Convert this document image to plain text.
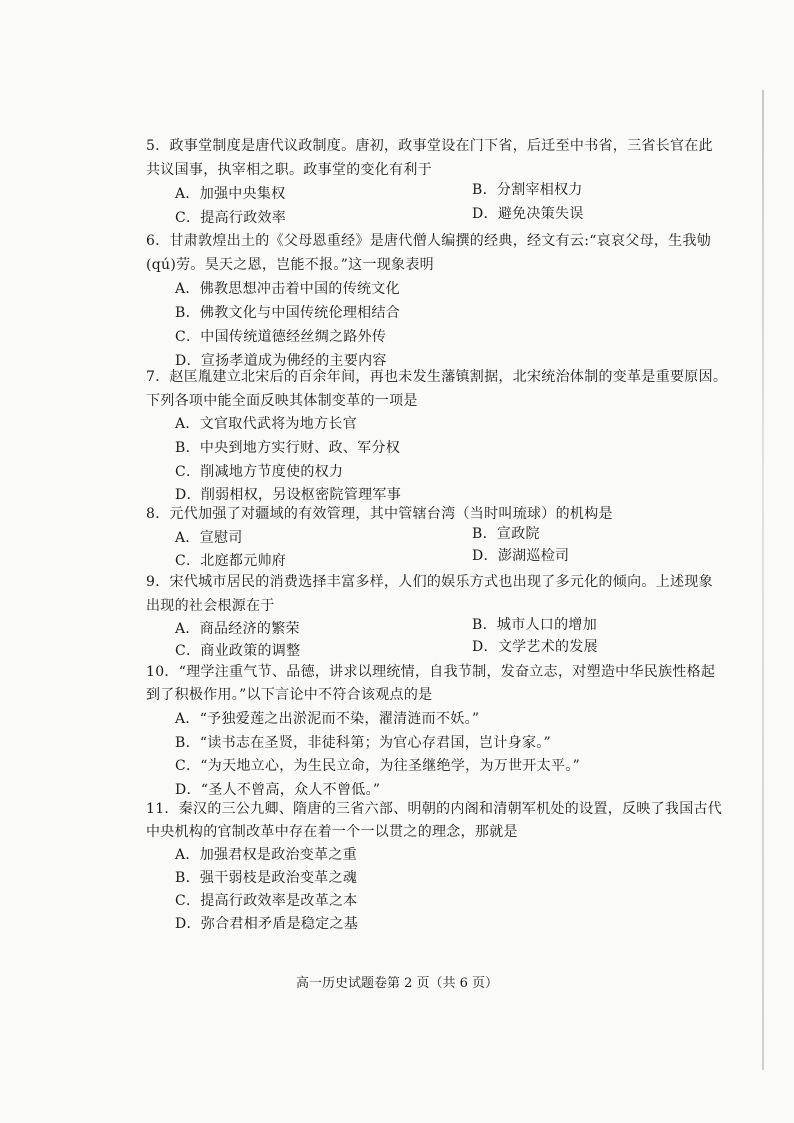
5．政事堂制度是唐代议政制度。唐初，政事堂设在门下省，后迁至中书省，三省长官在此

共议国事，执宰相之职。政事堂的变化有利于

A．加强中央集权	B．分割宰相权力

C．提高行政效率	D．避免决策失误

6．甘肃敦煌出土的《父母恩重经》是唐代僧人编撰的经典，经文有云:“哀哀父母，生我劬

(qú)劳。昊天之恩，岂能不报。”这一现象表明

A．佛教思想冲击着中国的传统文化

B．佛教文化与中国传统伦理相结合

C．中国传统道德经丝绸之路外传

D．宣扬孝道成为佛经的主要内容

7．赵匡胤建立北宋后的百余年间，再也未发生藩镇割据，北宋统治体制的变革是重要原因。

下列各项中能全面反映其体制变革的一项是

A．文官取代武将为地方长官

B．中央到地方实行财、政、军分权

C．削减地方节度使的权力

D．削弱相权，另设枢密院管理军事

8．元代加强了对疆域的有效管理，其中管辖台湾（当时叫琉球）的机构是

A．宣慰司	B．宣政院

C．北庭都元帅府	D．澎湖巡检司

9．宋代城市居民的消费选择丰富多样，人们的娱乐方式也出现了多元化的倾向。上述现象

出现的社会根源在于

A．商品经济的繁荣	B．城市人口的增加

C．商业政策的调整	D．文学艺术的发展

10．“理学注重气节、品德，讲求以理统情，自我节制，发奋立志，对塑造中华民族性格起

到了积极作用。”以下言论中不符合该观点的是

A．“予独爱莲之出淤泥而不染，濯清涟而不妖。”

B．“读书志在圣贤，非徒科第；为官心存君国，岂计身家。”

C．“为天地立心，为生民立命，为往圣继绝学，为万世开太平。”

D．“圣人不曾高，众人不曾低。”

11．秦汉的三公九卿、隋唐的三省六部、明朝的内阁和清朝军机处的设置，反映了我国古代

中央机构的官制改革中存在着一个一以贯之的理念，那就是

A．加强君权是政治变革之重

B．强干弱枝是政治变革之魂

C．提高行政效率是改革之本

D．弥合君相矛盾是稳定之基

高一历史试题卷第 2 页（共 6 页）
